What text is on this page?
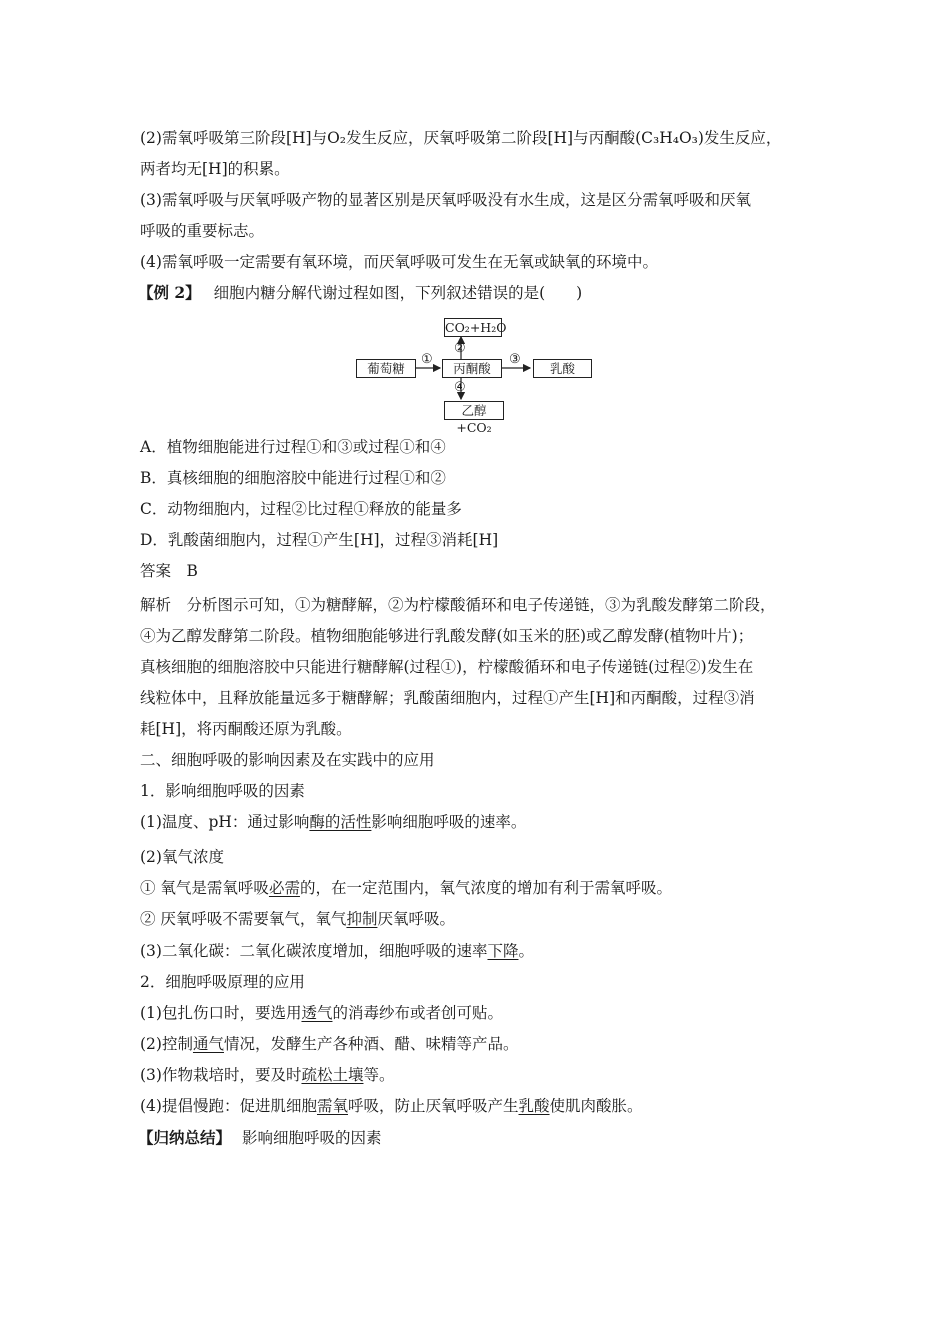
(2)需氧呼吸第三阶段[H]与O₂发生反应，厌氧呼吸第二阶段[H]与丙酮酸(C₃H₄O₃)发生反应，
两者均无[H]的积累。
(3)需氧呼吸与厌氧呼吸产物的显著区别是厌氧呼吸没有水生成，这是区分需氧呼吸和厌氧
呼吸的重要标志。
(4)需氧呼吸一定需要有氧环境，而厌氧呼吸可发生在无氧或缺氧的环境中。
【例 2】 细胞内糖分解代谢过程如图，下列叙述错误的是(　　)
CO₂+H₂O
葡萄糖	丙酮酸	乳酸
乙醇+CO₂
①
②
③
④
A．植物细胞能进行过程①和③或过程①和④
B．真核细胞的细胞溶胶中能进行过程①和②
C．动物细胞内，过程②比过程①释放的能量多
D．乳酸菌细胞内，过程①产生[H]，过程③消耗[H]
答案　B
解析　分析图示可知，①为糖酵解，②为柠檬酸循环和电子传递链，③为乳酸发酵第二阶段，
④为乙醇发酵第二阶段。植物细胞能够进行乳酸发酵(如玉米的胚)或乙醇发酵(植物叶片)；
真核细胞的细胞溶胶中只能进行糖酵解(过程①)，柠檬酸循环和电子传递链(过程②)发生在
线粒体中，且释放能量远多于糖酵解；乳酸菌细胞内，过程①产生[H]和丙酮酸，过程③消
耗[H]，将丙酮酸还原为乳酸。
二、细胞呼吸的影响因素及在实践中的应用
1．影响细胞呼吸的因素
(1)温度、pH：通过影响酶的活性影响细胞呼吸的速率。
(2)氧气浓度
① 氧气是需氧呼吸必需的，在一定范围内，氧气浓度的增加有利于需氧呼吸。
② 厌氧呼吸不需要氧气，氧气抑制厌氧呼吸。
(3)二氧化碳：二氧化碳浓度增加，细胞呼吸的速率下降。
2．细胞呼吸原理的应用
(1)包扎伤口时，要选用透气的消毒纱布或者创可贴。
(2)控制通气情况，发酵生产各种酒、醋、味精等产品。
(3)作物栽培时，要及时疏松土壤等。
(4)提倡慢跑：促进肌细胞需氧呼吸，防止厌氧呼吸产生乳酸使肌肉酸胀。
【归纳总结】 影响细胞呼吸的因素
